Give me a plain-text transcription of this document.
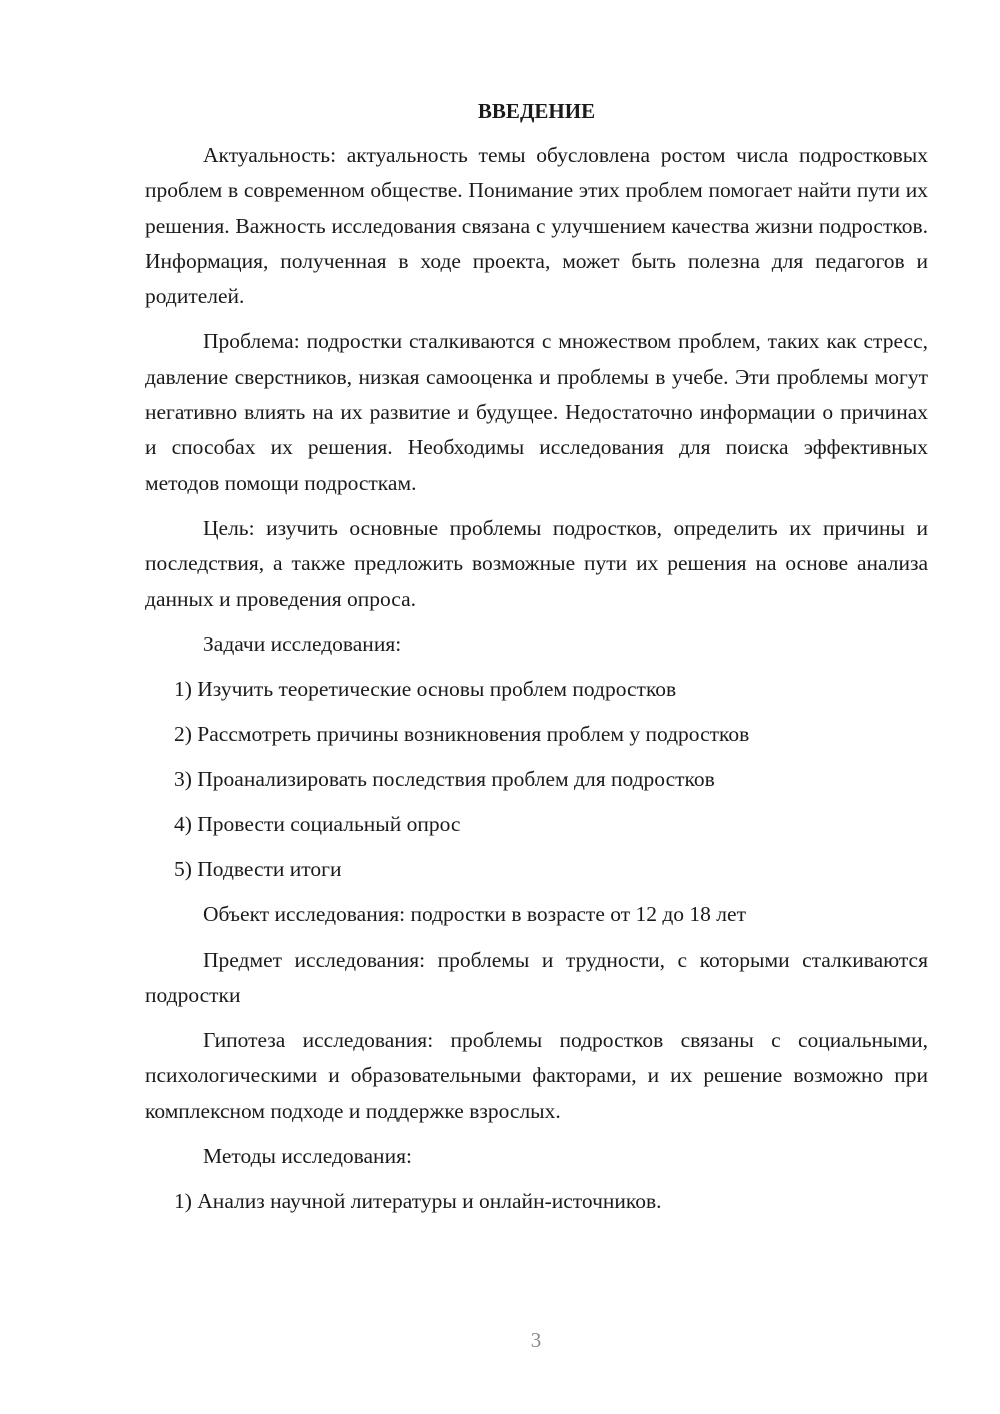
ВВЕДЕНИЕ

Актуальность: актуальность темы обусловлена ростом числа подростковых проблем в современном обществе. Понимание этих проблем помогает найти пути их решения. Важность исследования связана с улучшением качества жизни подростков. Информация, полученная в ходе проекта, может быть полезна для педагогов и родителей.

Проблема: подростки сталкиваются с множеством проблем, таких как стресс, давление сверстников, низкая самооценка и проблемы в учебе. Эти проблемы могут негативно влиять на их развитие и будущее. Недостаточно информации о причинах и способах их решения. Необходимы исследования для поиска эффективных методов помощи подросткам.

Цель: изучить основные проблемы подростков, определить их причины и последствия, а также предложить возможные пути их решения на основе анализа данных и проведения опроса.

Задачи исследования:
1) Изучить теоретические основы проблем подростков
2) Рассмотреть причины возникновения проблем у подростков
3) Проанализировать последствия проблем для подростков
4) Провести социальный опрос
5) Подвести итоги
Объект исследования: подростки в возрасте от 12 до 18 лет

Предмет исследования: проблемы и трудности, с которыми сталкиваются подростки

Гипотеза исследования: проблемы подростков связаны с социальными, психологическими и образовательными факторами, и их решение возможно при комплексном подходе и поддержке взрослых.

Методы исследования:
1) Анализ научной литературы и онлайн-источников.
3
